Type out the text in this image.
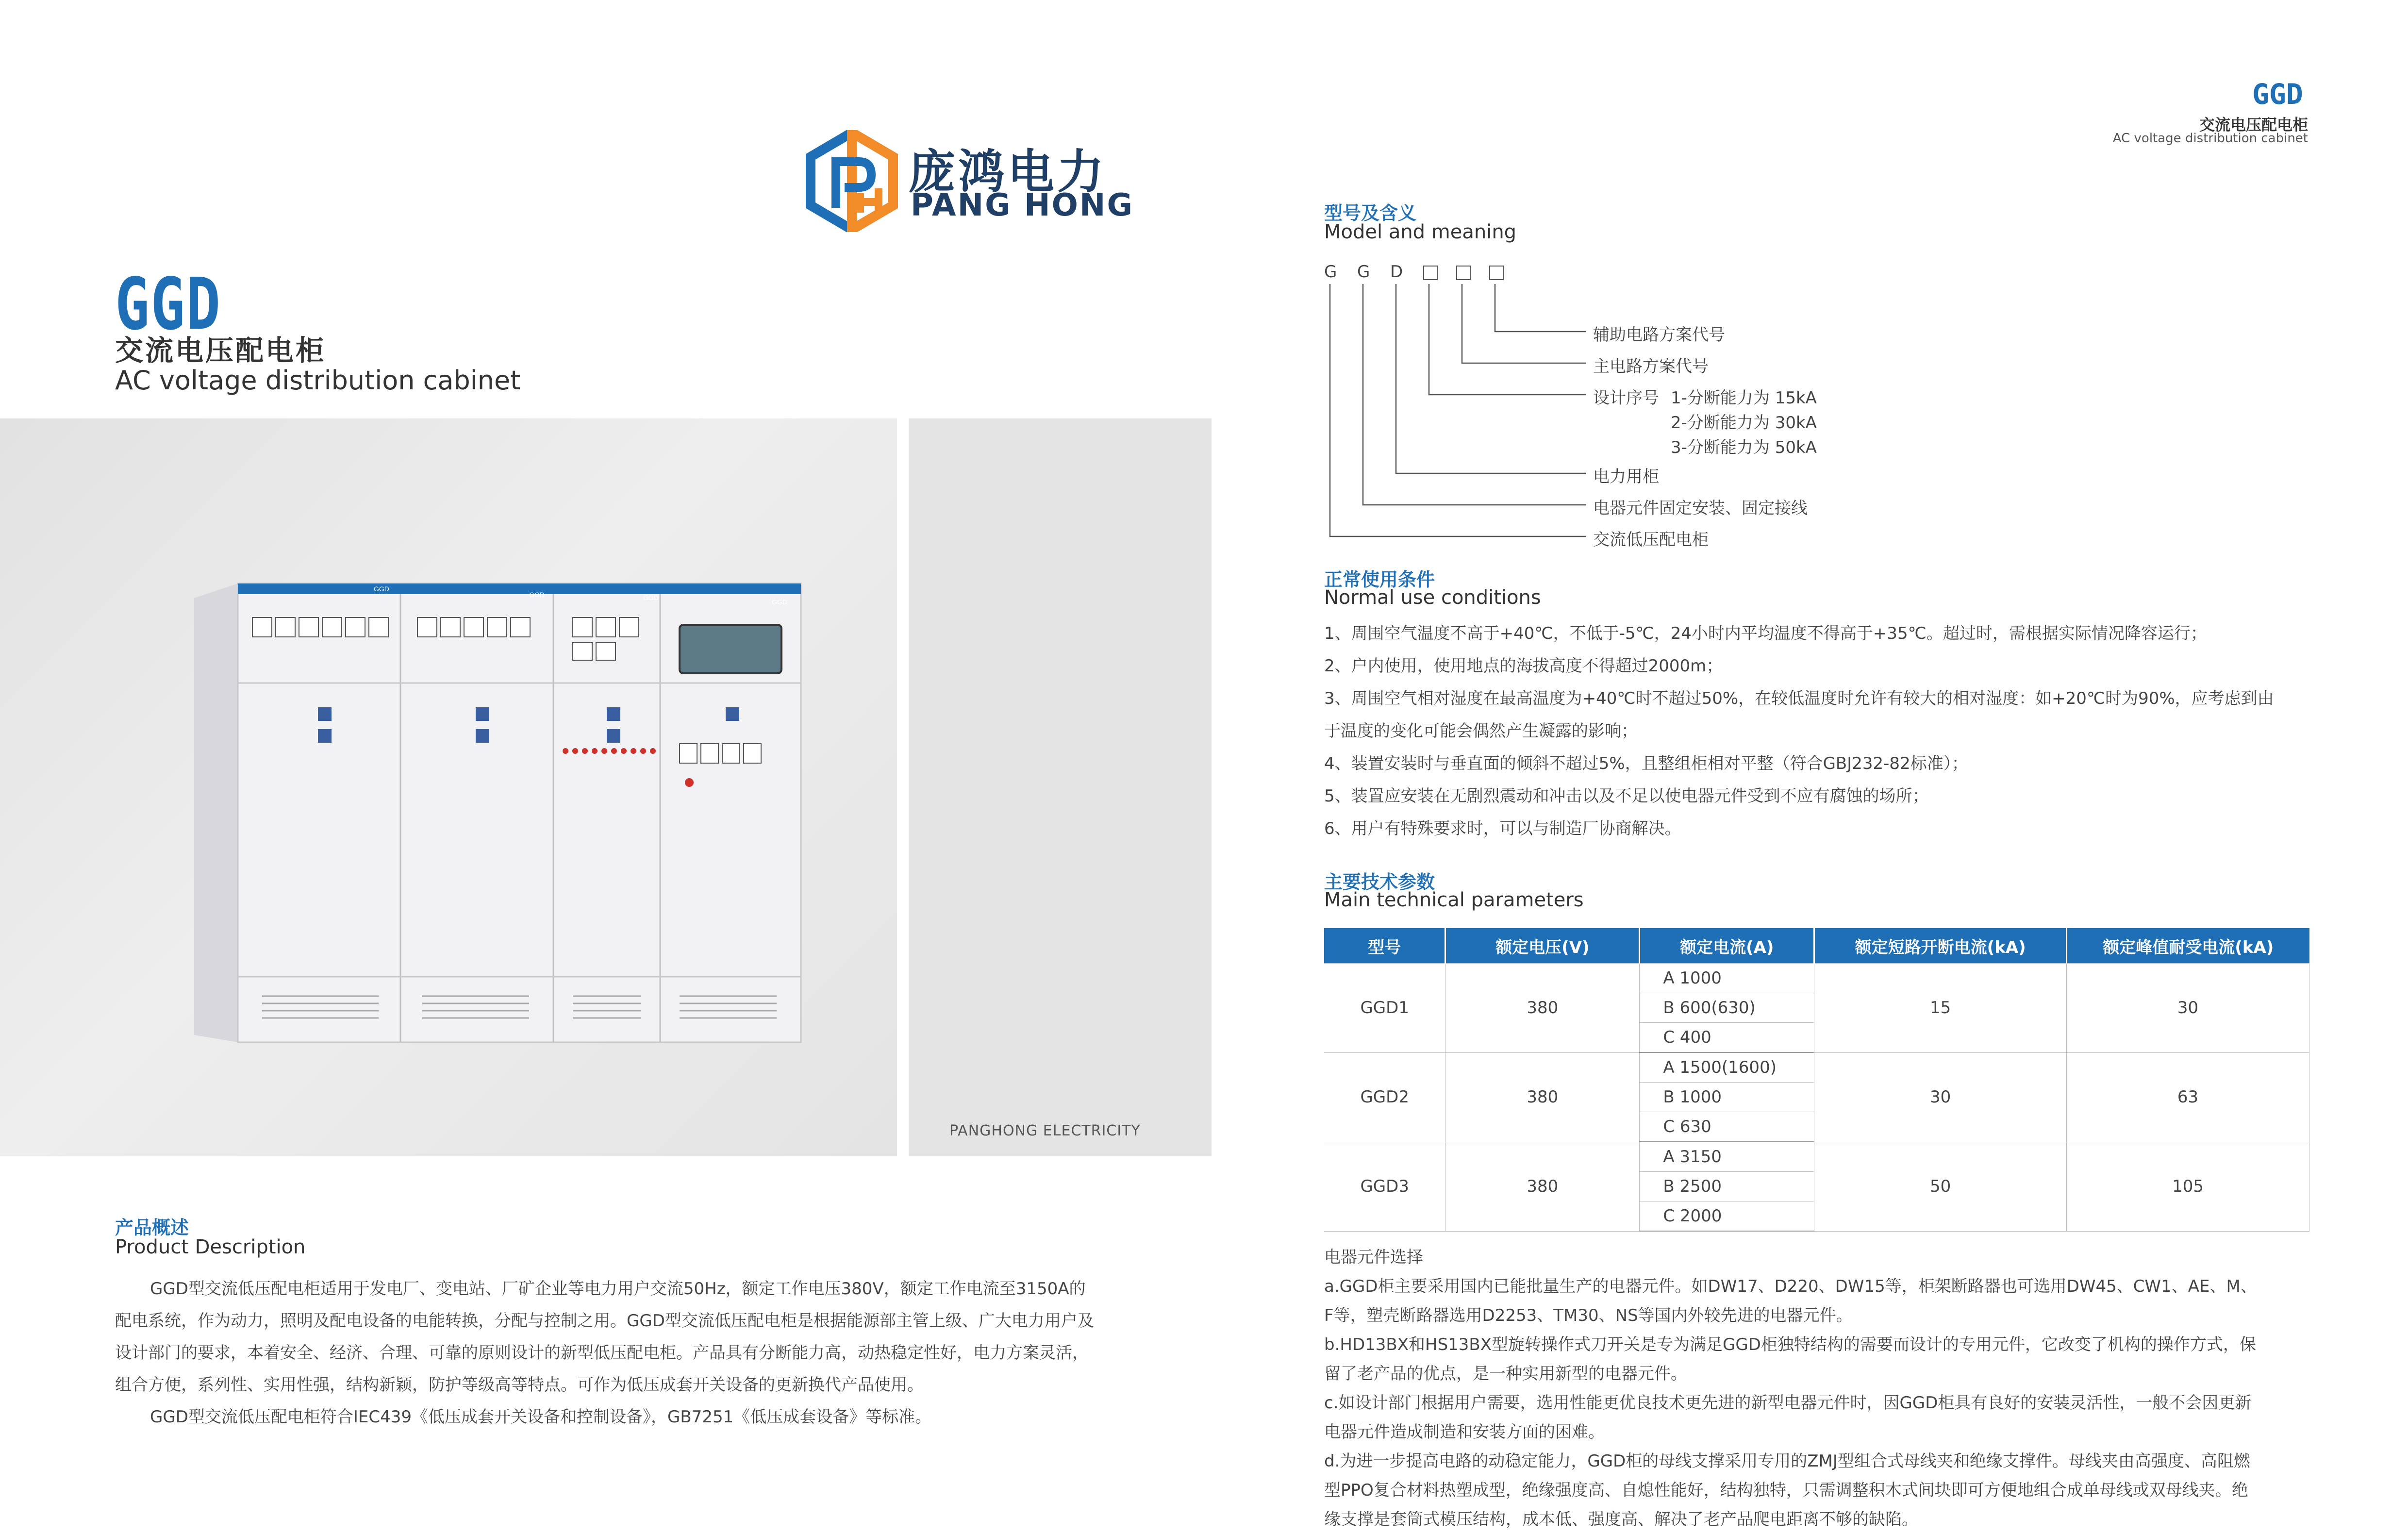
庞鸿电力
PANG HONG
GGD
交流电压配电柜
AC voltage distribution cabinet
GGD
GGD	GGD
GGD
PANGHONG ELECTRICITY
GGD
交流电压配电柜
AC voltage distribution cabinet
型号及含义
Model and meaning
G G D
辅助电路方案代号
主电路方案代号
设计序号 1-分断能力为 15kA
2-分断能力为 30kA
3-分断能力为 50kA
电力用柜
电器元件固定安装、固定接线
交流低压配电柜
正常使用条件
Normal use conditions
1、周围空气温度不高于+40℃，不低于-5℃，24小时内平均温度不得高于+35℃。超过时，需根据实际情况降容运行；
2、户内使用，使用地点的海拔高度不得超过2000m；
3、周围空气相对湿度在最高温度为+40℃时不超过50%，在较低温度时允许有较大的相对湿度：如+20℃时为90%，应考虑到由
于温度的变化可能会偶然产生凝露的影响；
4、装置安装时与垂直面的倾斜不超过5%，且整组柜相对平整（符合GBJ232-82标准）；
5、装置应安装在无剧烈震动和冲击以及不足以使电器元件受到不应有腐蚀的场所；
6、用户有特殊要求时，可以与制造厂协商解决。
主要技术参数
Main technical parameters
型号	额定电压(V)	额定电流(A)	额定短路开断电流(kA)	额定峰值耐受电流(kA)
GGD1	380	A 1000	15	30
		B 600(630)		
		C 400		
GGD2	380	A 1500(1600)	30	63
		B 1000		
		C 630		
GGD3	380	A 3150	50	105
		B 2500		
		C 2000		
电器元件选择
a.GGD柜主要采用国内已能批量生产的电器元件。如DW17、D220、DW15等，柜架断路器也可选用DW45、CW1、AE、M、
F等，塑壳断路器选用D2253、TM30、NS等国内外较先进的电器元件。
b.HD13BX和HS13BX型旋转操作式刀开关是专为满足GGD柜独特结构的需要而设计的专用元件，它改变了机构的操作方式，保
留了老产品的优点，是一种实用新型的电器元件。
c.如设计部门根据用户需要，选用性能更优良技术更先进的新型电器元件时，因GGD柜具有良好的安装灵活性，一般不会因更新
电器元件造成制造和安装方面的困难。
d.为进一步提高电路的动稳定能力，GGD柜的母线支撑采用专用的ZMJ型组合式母线夹和绝缘支撑件。母线夹由高强度、高阻燃
型PPO复合材料热塑成型，绝缘强度高、自熄性能好，结构独特，只需调整积木式间块即可方便地组合成单母线或双母线夹。绝
缘支撑是套筒式模压结构，成本低、强度高、解决了老产品爬电距离不够的缺陷。
产品概述
Product Description

GGD型交流低压配电柜适用于发电厂、变电站、厂矿企业等电力用户交流50Hz，额定工作电压380V，额定工作电流至3150A的配电系统，作为动力，照明及配电设备的电能转换，分配与控制之用。GGD型交流低压配电柜是根据能源部主管上级、广大电力用户及设计部门的要求，本着安全、经济、合理、可靠的原则设计的新型低压配电柜。产品具有分断能力高，动热稳定性好，电力方案灵活，组合方便，系列性、实用性强，结构新颖，防护等级高等特点。可作为低压成套开关设备的更新换代产品使用。

GGD型交流低压配电柜符合IEC439《低压成套开关设备和控制设备》，GB7251《低压成套设备》等标准。
